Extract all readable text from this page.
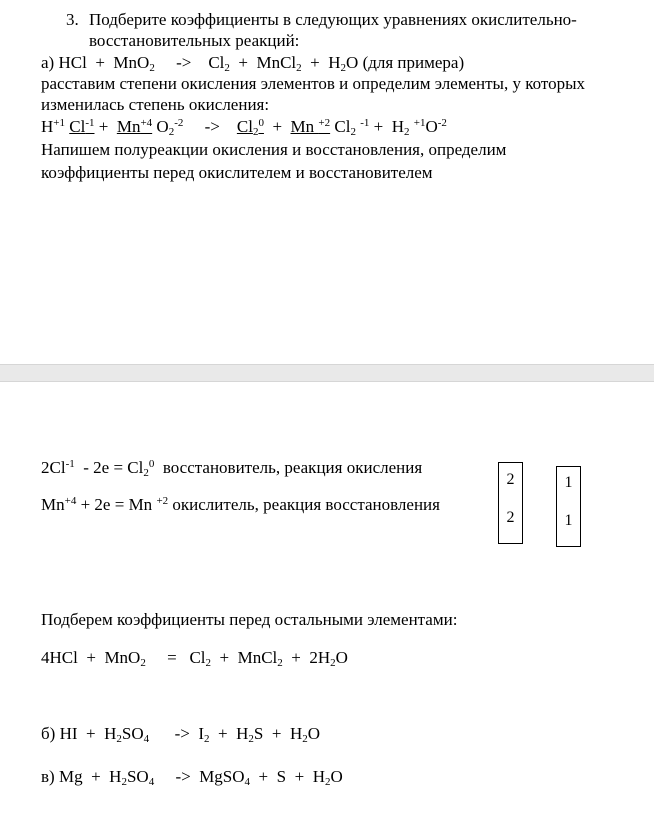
3. Подберите коэффициенты в следующих уравнениях окислительно-
восстановительных реакций:
а) HCl + $MnO_2 -> Cl_2$ + MnCl$_2$ + $H_2O$ (для примера)
расставим степени окисления элементов и определим элементы, у которых
изменилась степень окисления:
$H^{+1}$ $Cl^{-1} + Mn^{+4}$ $O_2^{-2} -> Cl_2^0 + Mn$ $^{+2}$ $Cl_2$ $^{-1} + H_2$ $^{+1}O^{-2}$
Напишем полуреакции окисления и восстановления, определим
коэффициенты перед окислителем и восстановителем
$2Cl^{-1} - 2e = Cl_2^0$ восстановитель, реакция окисления
$Mn^{+4} + 2e = Mn$ $^{+2}$ окислитель, реакция восстановления
2
2
1
1
Подберем коэффициенты перед остальными элементами:
$4HCl + MnO_2 = Cl_2$ + MnCl$_2$ + $2H_2O$
б) HI + $H_2SO_4 -> I_2 + H_2S + H_2O$
в) $Mg + H_2SO_4$ -> MgSO$_4$ + $S + H_2O$
